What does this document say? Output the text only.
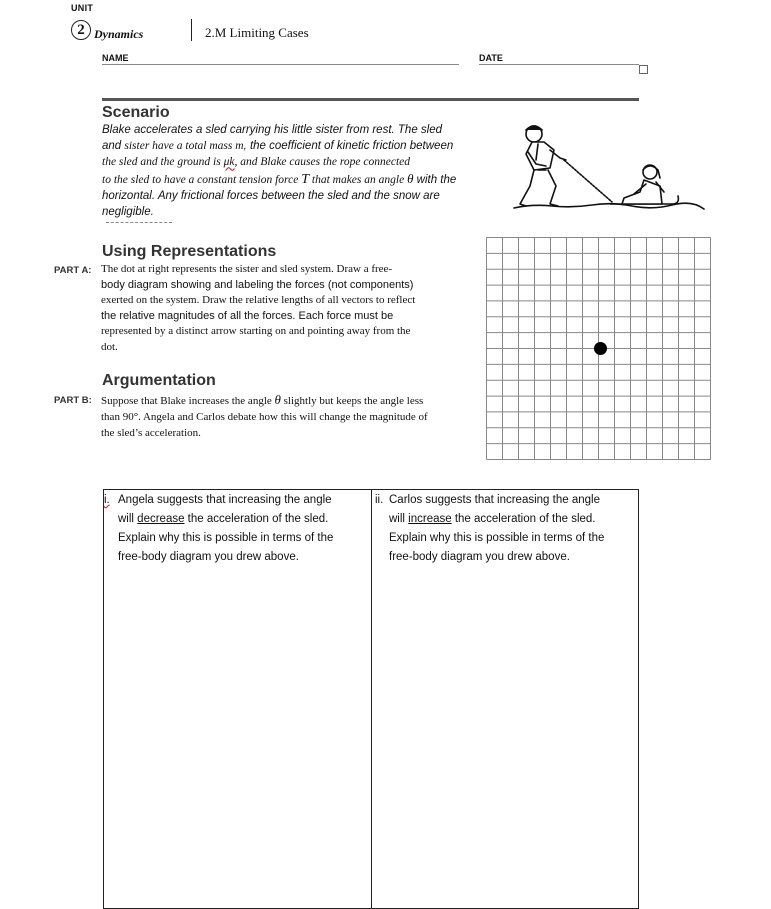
UNIT
2 Dynamics	2.M Limiting Cases
NAME	DATE
Scenario
Blake accelerates a sled carrying his little sister from rest. The sled
and sister have a total mass m, the coefficient of kinetic friction between
the sled and the ground is μk, and Blake causes the rope connected
to the sled to have a constant tension force T that makes an angle θ with the
horizontal. Any frictional forces between the sled and the snow are
negligible.
Using Representations
PART A: The dot at right represents the sister and sled system. Draw a free-
body diagram showing and labeling the forces (not components)
exerted on the system. Draw the relative lengths of all vectors to reflect
the relative magnitudes of all the forces. Each force must be
represented by a distinct arrow starting on and pointing away from the
dot.
Argumentation
PART B: Suppose that Blake increases the angle θ slightly but keeps the angle less
than 90°. Angela and Carlos debate how this will change the magnitude of
the sled’s acceleration.
i. Angela suggests that increasing the angle
will decrease the acceleration of the sled.
Explain why this is possible in terms of the
free-body diagram you drew above.
ii. Carlos suggests that increasing the angle
will increase the acceleration of the sled.
Explain why this is possible in terms of the
free-body diagram you drew above.
